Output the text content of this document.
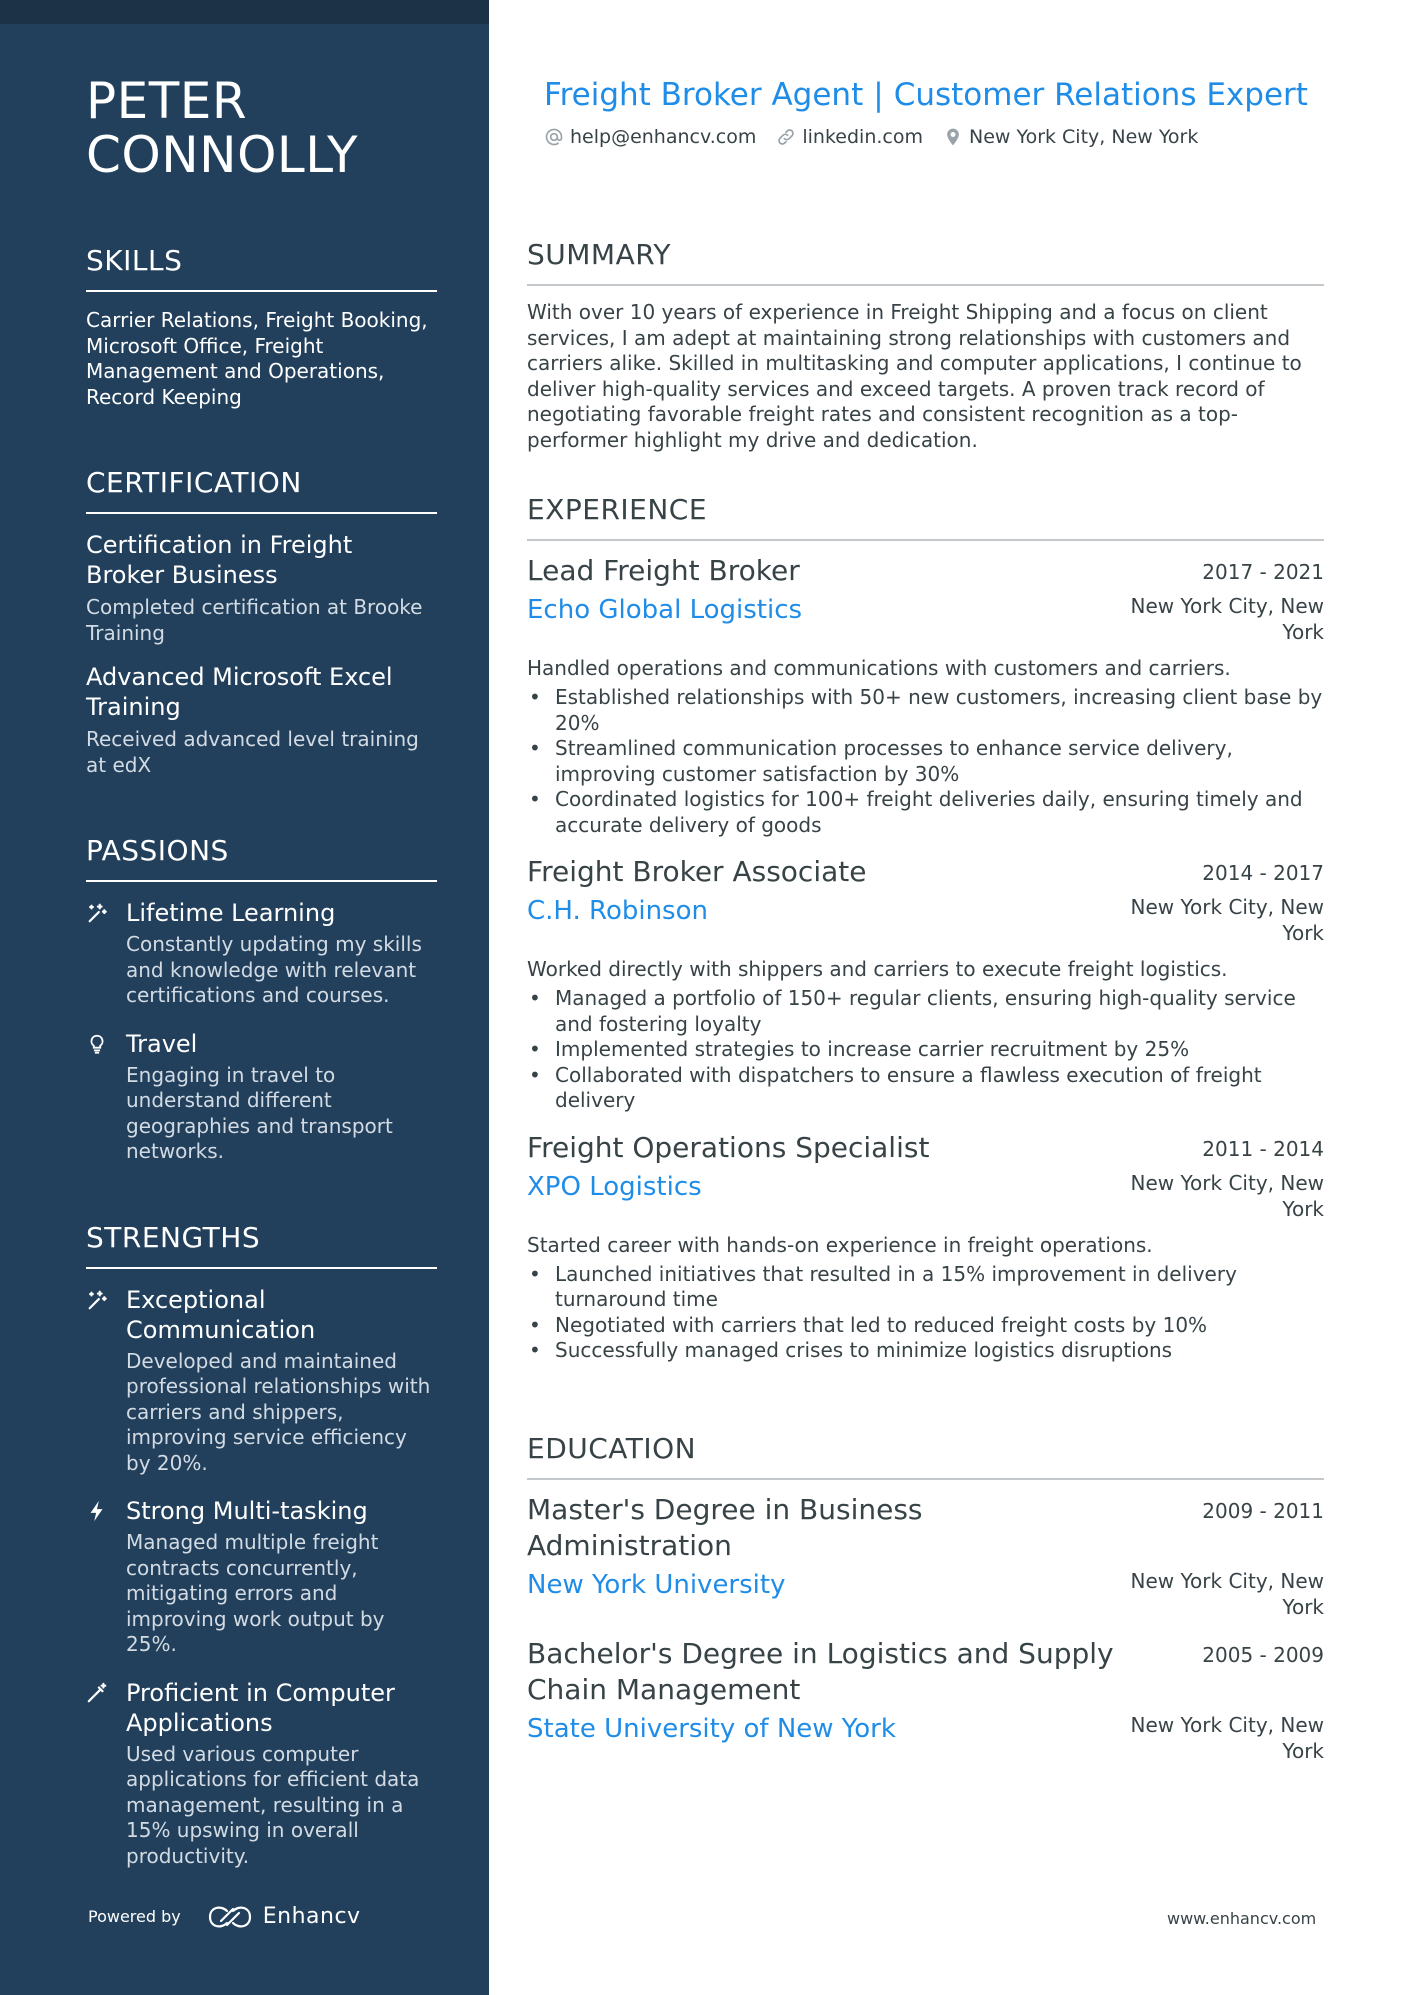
PETER
CONNOLLY
SKILLS
Carrier Relations, Freight Booking, Microsoft Office, Freight Management and Operations, Record Keeping
CERTIFICATION
Certification in Freight Broker Business
Completed certification at Brooke Training
Advanced Microsoft Excel Training
Received advanced level training at edX
PASSIONS
Lifetime Learning
Constantly updating my skills and knowledge with relevant certifications and courses.
Travel
Engaging in travel to understand different geographies and transport networks.
STRENGTHS
Exceptional Communication
Developed and maintained professional relationships with carriers and shippers, improving service efficiency by 20%.
Strong Multi-tasking
Managed multiple freight contracts concurrently, mitigating errors and improving work output by 25%.
Proficient in Computer Applications
Used various computer applications for efficient data management, resulting in a 15% upswing in overall productivity.
Powered by	Enhancv
Freight Broker Agent | Customer Relations Expert
help@enhancv.com linkedin.com New York City, New York
SUMMARY
With over 10 years of experience in Freight Shipping and a focus on client services, I am adept at maintaining strong relationships with customers and carriers alike. Skilled in multitasking and computer applications, I continue to deliver high-quality services and exceed targets. A proven track record of negotiating favorable freight rates and consistent recognition as a top-performer highlight my drive and dedication.
EXPERIENCE
Lead Freight Broker	2017 - 2021
Echo Global Logistics	New York City, New York
Handled operations and communications with customers and carriers.
• Established relationships with 50+ new customers, increasing client base by 20%
• Streamlined communication processes to enhance service delivery, improving customer satisfaction by 30%
• Coordinated logistics for 100+ freight deliveries daily, ensuring timely and accurate delivery of goods
Freight Broker Associate	2014 - 2017
C.H. Robinson	New York City, New York
Worked directly with shippers and carriers to execute freight logistics.
• Managed a portfolio of 150+ regular clients, ensuring high-quality service and fostering loyalty
• Implemented strategies to increase carrier recruitment by 25%
• Collaborated with dispatchers to ensure a flawless execution of freight delivery
Freight Operations Specialist	2011 - 2014
XPO Logistics	New York City, New York
Started career with hands-on experience in freight operations.
• Launched initiatives that resulted in a 15% improvement in delivery turnaround time
• Negotiated with carriers that led to reduced freight costs by 10%
• Successfully managed crises to minimize logistics disruptions
EDUCATION
Master's Degree in Business Administration
2009 - 2011
New York University	New York City, New York
Bachelor's Degree in Logistics and Supply Chain Management
2005 - 2009
State University of New York	New York City, New York
www.enhancv.com
